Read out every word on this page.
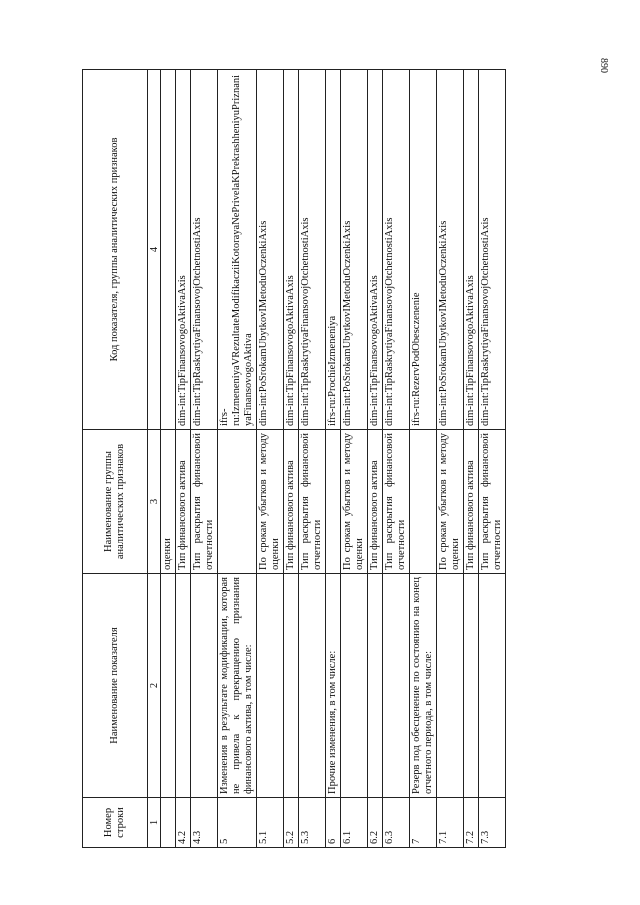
890
Номер строки	Наименование показателя	Наименование группы аналитических признаков	Код показателя, группы аналитических признаков
1	2	3	4
		оценки	
4.2		Тип финансового актива	dim-int:TipFinansovogoAktivaAxis
4.3		Тип раскрытия финансовой отчетности	dim-int:TipRaskrytiyaFinansovojOtchetnostiAxis
5	Изменения в результате модификации, которая не привела к прекращению признания финансового актива, в том числе:		ifrs-ru:IzmeneniyaVRezultateModifikacziiKotorayaNePrivelaKPrekrashheniyuPriznaniyaFinansovogoAktiva
5.1		По срокам убытков и методу оценки	dim-int:PoSrokamUbytkovIMetoduOczenkiAxis
5.2		Тип финансового актива	dim-int:TipFinansovogoAktivaAxis
5.3		Тип раскрытия финансовой отчетности	dim-int:TipRaskrytiyaFinansovojOtchetnostiAxis
6	Прочие изменения, в том числе:		ifrs-ru:ProchieIzmeneniya
6.1		По срокам убытков и методу оценки	dim-int:PoSrokamUbytkovIMetoduOczenkiAxis
6.2		Тип финансового актива	dim-int:TipFinansovogoAktivaAxis
6.3		Тип раскрытия финансовой отчетности	dim-int:TipRaskrytiyaFinansovojOtchetnostiAxis
7	Резерв под обесценение по состоянию на конец отчетного периода, в том числе:		ifrs-ru:RezervPodObesczenenie
7.1		По срокам убытков и методу оценки	dim-int:PoSrokamUbytkovIMetoduOczenkiAxis
7.2		Тип финансового актива	dim-int:TipFinansovogoAktivaAxis
7.3		Тип раскрытия финансовой отчетности	dim-int:TipRaskrytiyaFinansovojOtchetnostiAxis
